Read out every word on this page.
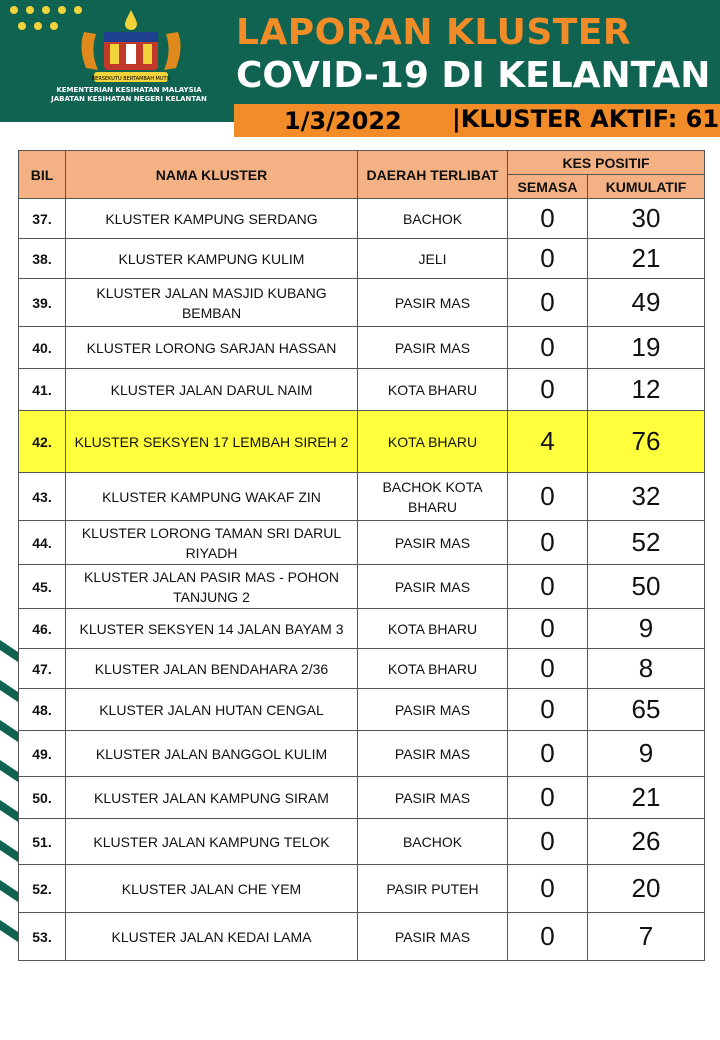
BERSEKUTU BERTAMBAH MUTU
KEMENTERIAN KESIHATAN MALAYSIA
JABATAN KESIHATAN NEGERI KELANTAN
LAPORAN KLUSTER
COVID-19 DI KELANTAN
1/3/2022 |KLUSTER AKTIF: 61
BIL	NAMA KLUSTER	DAERAH TERLIBAT	KES POSITIF	
			SEMASA	KUMULATIF
37.	KLUSTER KAMPUNG SERDANG	BACHOK	0	30
38.	KLUSTER KAMPUNG KULIM	JELI	0	21
39.	KLUSTER JALAN MASJID KUBANG BEMBAN	PASIR MAS	0	49
40.	KLUSTER LORONG SARJAN HASSAN	PASIR MAS	0	19
41.	KLUSTER JALAN DARUL NAIM	KOTA BHARU	0	12
42.	KLUSTER SEKSYEN 17 LEMBAH SIREH 2	KOTA BHARU	4	76
43.	KLUSTER KAMPUNG WAKAF ZIN	BACHOK KOTA BHARU	0	32
44.	KLUSTER LORONG TAMAN SRI DARUL RIYADH	PASIR MAS	0	52
45.	KLUSTER JALAN PASIR MAS - POHON TANJUNG 2	PASIR MAS	0	50
46.	KLUSTER SEKSYEN 14 JALAN BAYAM 3	KOTA BHARU	0	9
47.	KLUSTER JALAN BENDAHARA 2/36	KOTA BHARU	0	8
48.	KLUSTER JALAN HUTAN CENGAL	PASIR MAS	0	65
49.	KLUSTER JALAN BANGGOL KULIM	PASIR MAS	0	9
50.	KLUSTER JALAN KAMPUNG SIRAM	PASIR MAS	0	21
51.	KLUSTER JALAN KAMPUNG TELOK	BACHOK	0	26
52.	KLUSTER JALAN CHE YEM	PASIR PUTEH	0	20
53.	KLUSTER JALAN KEDAI LAMA	PASIR MAS	0	7
